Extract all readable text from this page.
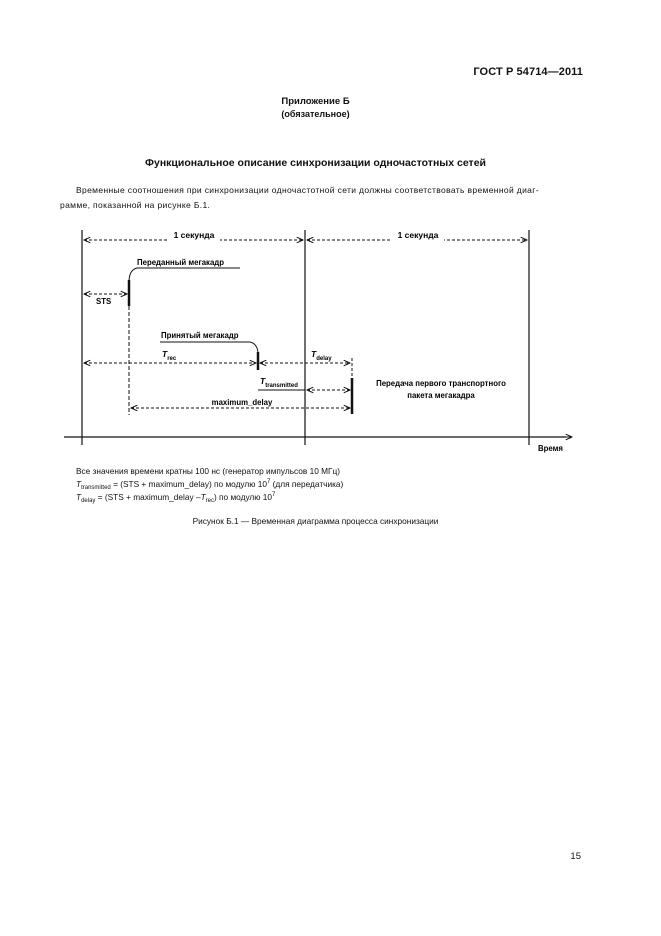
ГОСТ Р 54714—2011
Приложение Б
(обязательное)
Функциональное описание синхронизации одночастотных сетей
Временные соотношения при синхронизации одночастотной сети должны соответствовать временной диаг-
рамме, показанной на рисунке Б.1.
1 секунда	1 секунда
Переданный мегакадр
STS
Принятый мегакадр
$T_{rec}$	$T_{delay}$
$T_{transmitted}$
maximum_delay
Передача первого транспортного
пакета мегакадра
Время
Все значения времени кратны 100 нс (генератор импульсов 10 МГц)
$T_{transmitted} = (STS$ + maximum_delay) по модулю $10^7$ (для передатчика)
$T_{delay} = (STS$ + maximum_delay $-T_{rec}$) по модулю $10^7$
Рисунок Б.1 — Временная диаграмма процесса синхронизации
15
